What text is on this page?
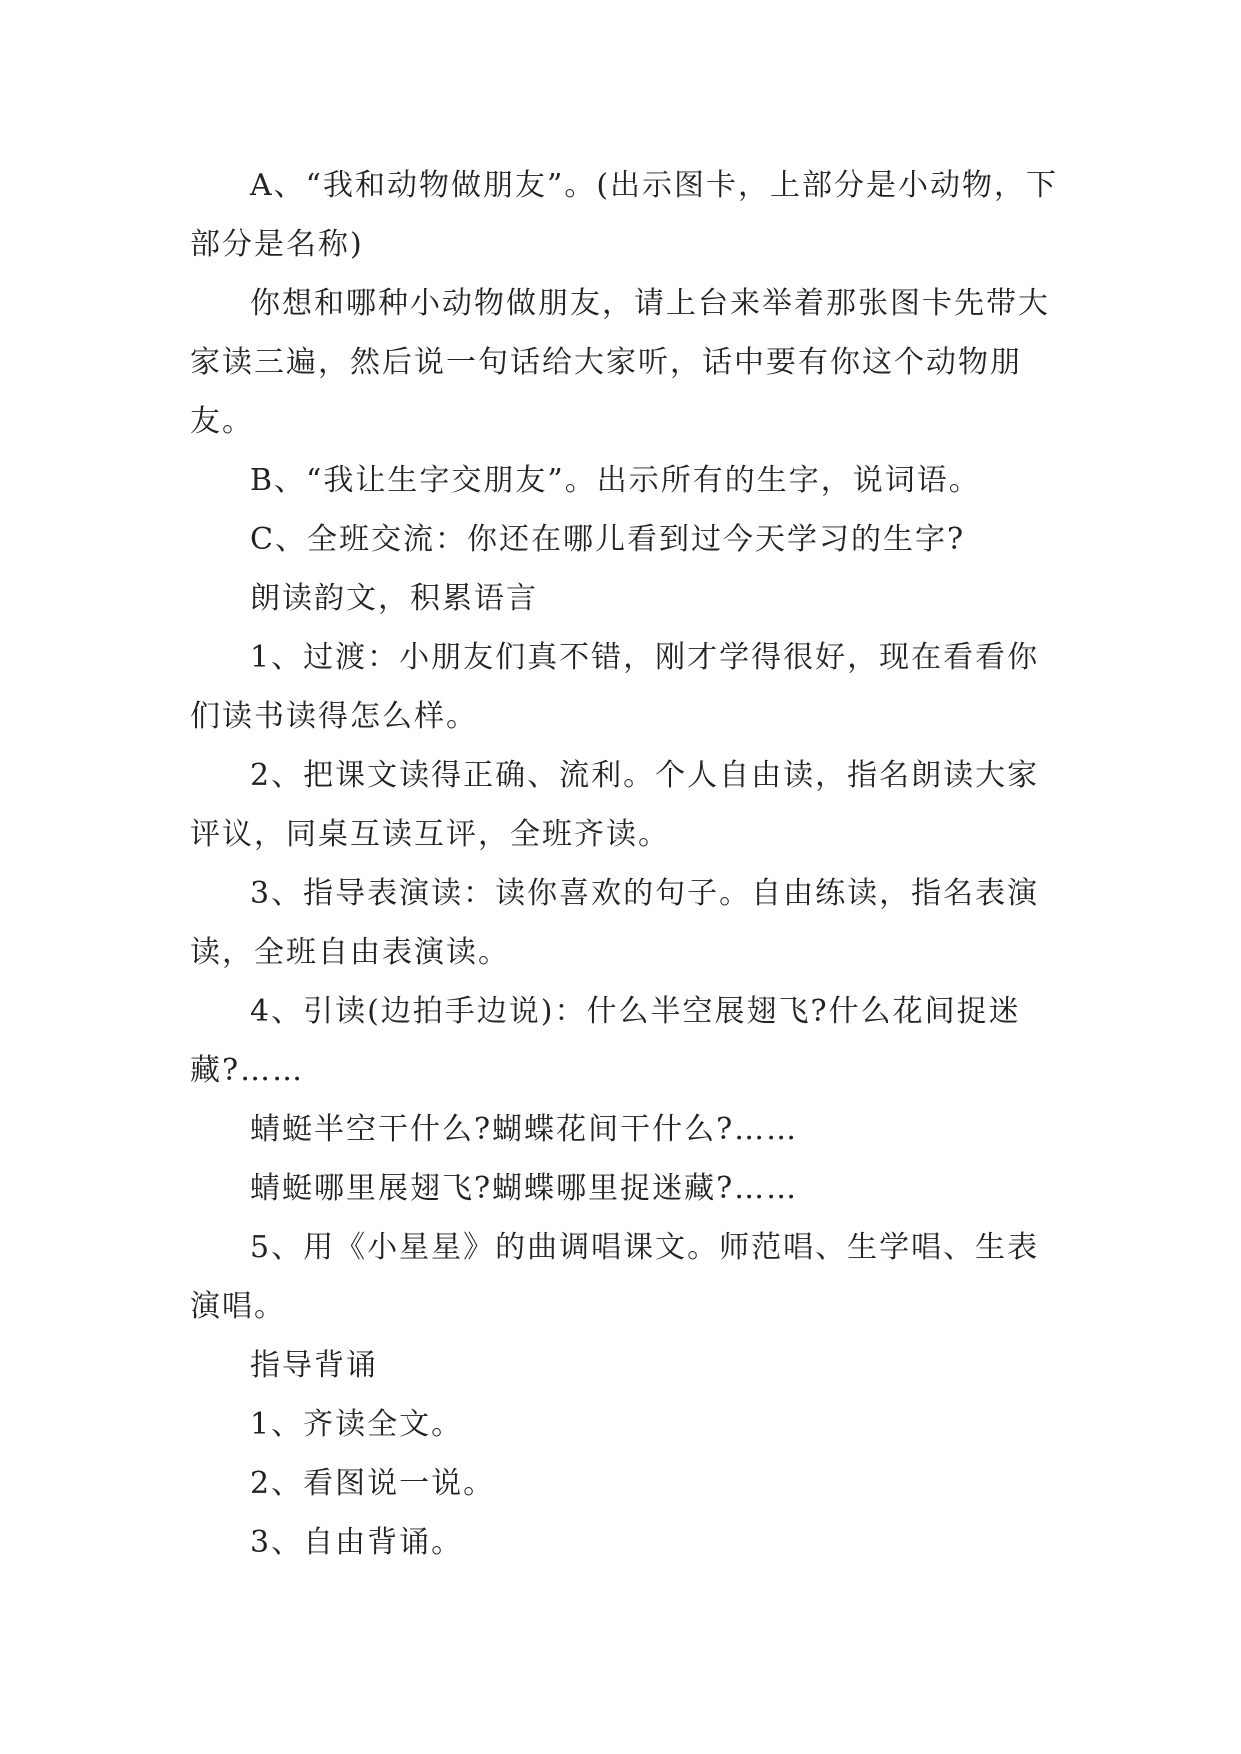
A、“我和动物做朋友”。(出示图卡，上部分是小动物，下部分是名称)

你想和哪种小动物做朋友，请上台来举着那张图卡先带大家读三遍，然后说一句话给大家听，话中要有你这个动物朋友。

B、“我让生字交朋友”。出示所有的生字，说词语。

C、全班交流：你还在哪儿看到过今天学习的生字?

朗读韵文，积累语言

1、过渡：小朋友们真不错，刚才学得很好，现在看看你们读书读得怎么样。

2、把课文读得正确、流利。个人自由读，指名朗读大家评议，同桌互读互评，全班齐读。

3、指导表演读：读你喜欢的句子。自由练读，指名表演读，全班自由表演读。

4、引读(边拍手边说)：什么半空展翅飞?什么花间捉迷藏?……

蜻蜓半空干什么?蝴蝶花间干什么?……

蜻蜓哪里展翅飞?蝴蝶哪里捉迷藏?……

5、用《小星星》的曲调唱课文。师范唱、生学唱、生表演唱。

指导背诵

1、齐读全文。

2、看图说一说。

3、自由背诵。
